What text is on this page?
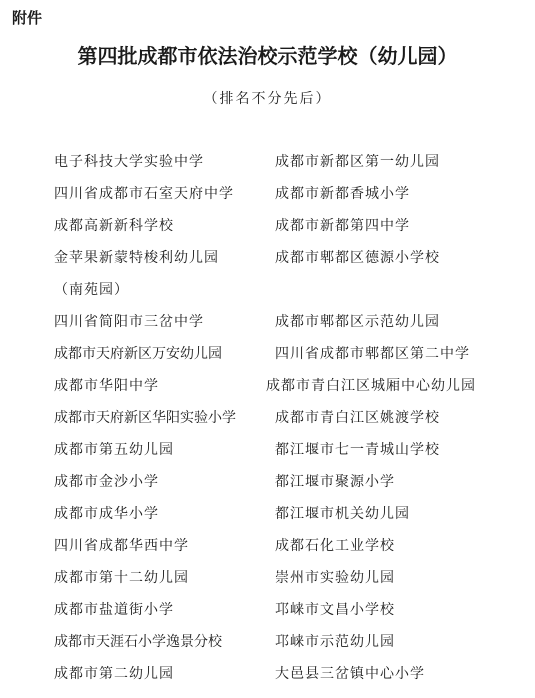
附件
第四批成都市依法治校示范学校（幼儿园）
（排名不分先后）
电子科技大学实验中学	成都市新都区第一幼儿园
四川省成都市石室天府中学	成都市新都香城小学
成都高新新科学校	成都市新都第四中学
金苹果新蒙特梭利幼儿园	成都市郫都区德源小学校
（南苑园）
四川省简阳市三岔中学	成都市郫都区示范幼儿园
成都市天府新区万安幼儿园	四川省成都市郫都区第二中学
成都市华阳中学	成都市青白江区城厢中心幼儿园
成都市天府新区华阳实验小学	成都市青白江区姚渡学校
成都市第五幼儿园	都江堰市七一青城山学校
成都市金沙小学	都江堰市聚源小学
成都市成华小学	都江堰市机关幼儿园
四川省成都华西中学	成都石化工业学校
成都市第十二幼儿园	崇州市实验幼儿园
成都市盐道街小学	邛崃市文昌小学校
成都市天涯石小学逸景分校	邛崃市示范幼儿园
成都市第二幼儿园	大邑县三岔镇中心小学
